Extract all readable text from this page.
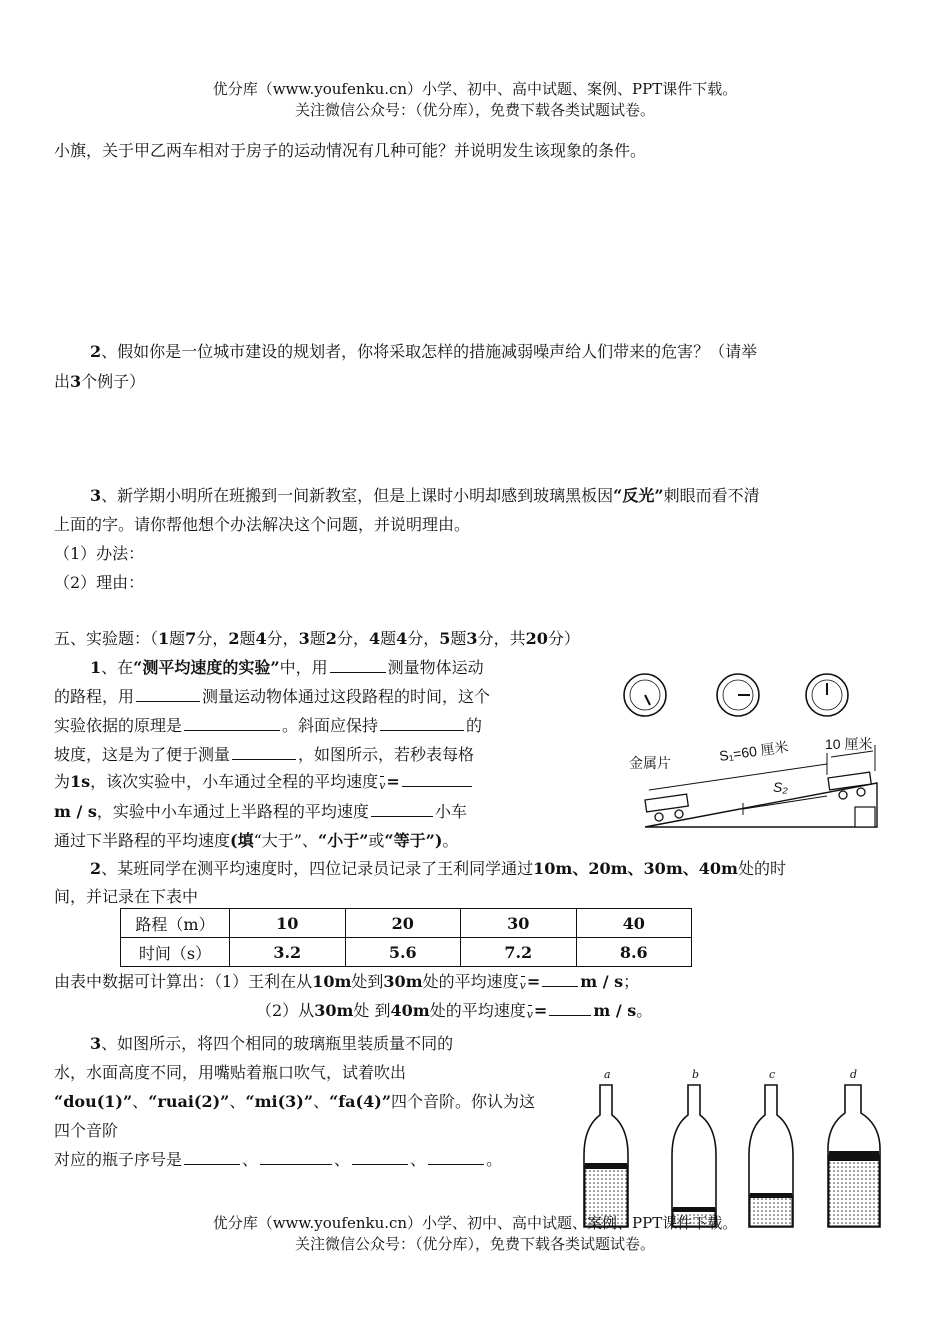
优分库（www.youfenku.cn）小学、初中、高中试题、案例、PPT课件下载。
关注微信公众号：（优分库），免费下载各类试题试卷。
小旗，关于甲乙两车相对于房子的运动情况有几种可能？并说明发生该现象的条件。
2、假如你是一位城市建设的规划者，你将采取怎样的措施减弱噪声给人们带来的危害？（请举
出3个例子）
3、新学期小明所在班搬到一间新教室，但是上课时小明却感到玻璃黑板因“反光”刺眼而看不清
上面的字。请你帮他想个办法解决这个问题，并说明理由。
（1）办法：
（2）理由：
五、实验题：（1题7分，2题4分，3题2分，4题4分，5题3分，共20分）
1、在“测平均速度的实验”中，用	测量物体运动
的路程，用	测量运动物体通过这段路程的时间，这个
实验依据的原理是	。斜面应保持	的
坡度，这是为了便于测量	，如图所示，若秒表每格
为1s，该次实验中，小车通过全程的平均速度v=
m / s，实验中小车通过上半路程的平均速度	小车
通过下半路程的平均速度(填“大于”、“小于”或“等于”)。
金属片	S₁=60 厘米	10 厘米
S₂
2、某班同学在测平均速度时，四位记录员记录了王利同学通过10m、20m、30m、40m处的时
间，并记录在下表中
路程（m）	10	20	30	40
时间（s）	3.2	5.6	7.2	8.6
由表中数据可计算出：（1）王利在从10m处到30m处的平均速度v=	m / s；
（2）从30m处 到40m处的平均速度v=	m / s。
3、如图所示，将四个相同的玻璃瓶里装质量不同的
水，水面高度不同，用嘴贴着瓶口吹气，试着吹出
“dou(1)”、“ruai(2)”、“mi(3)”、“fa(4)”四个音阶。你认为这
四个音阶
对应的瓶子序号是	、	、	、	。
a	b	c	d
优分库（www.youfenku.cn）小学、初中、高中试题、案例、PPT课件下载。
关注微信公众号：（优分库），免费下载各类试题试卷。
